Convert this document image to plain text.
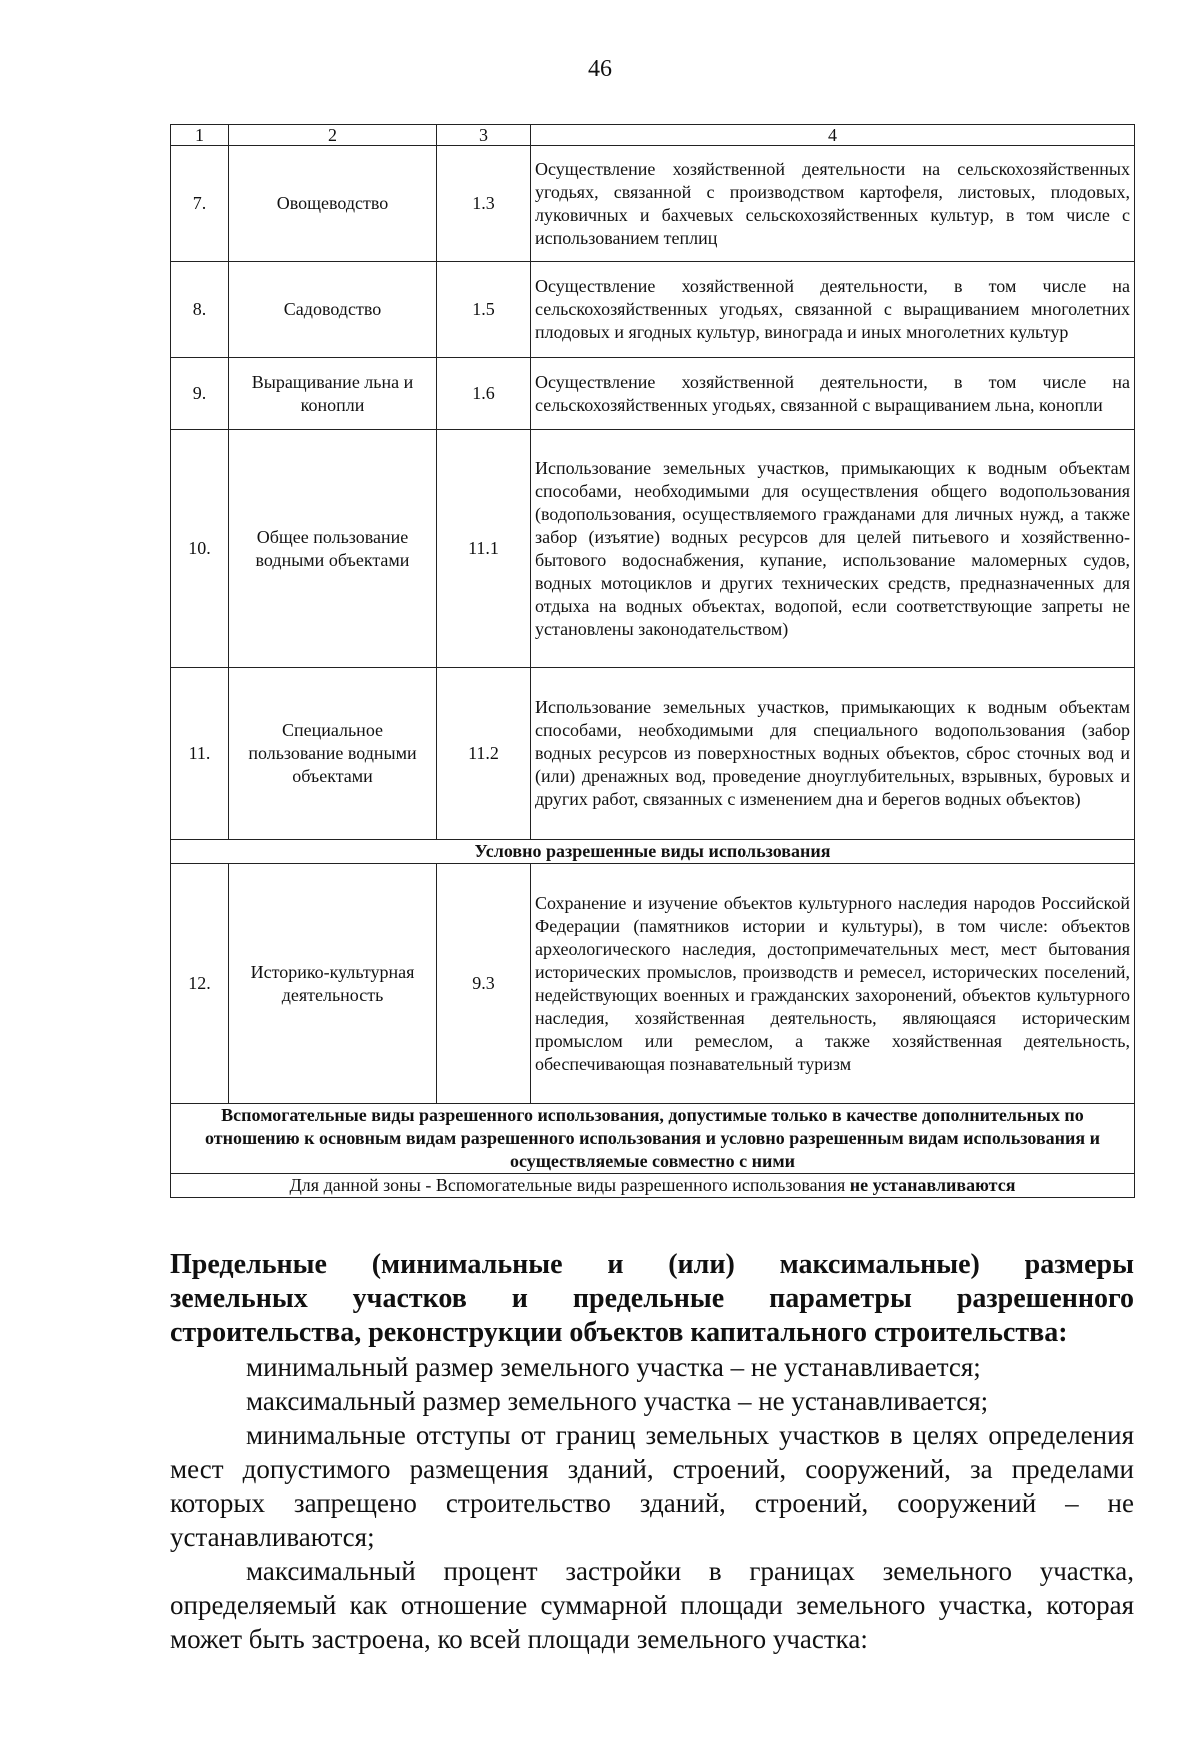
46
1	2	3	4
7.	Овощеводство	1.3	Осуществление хозяйственной деятельности на сельскохозяйственных угодьях, связанной с производством картофеля, листовых, плодовых, луковичных и бахчевых сельскохозяйственных культур, в том числе с использованием теплиц
8.	Садоводство	1.5	Осуществление хозяйственной деятельности, в том числе на сельскохозяйственных угодьях, связанной с выращиванием многолетних плодовых и ягодных культур, винограда и иных многолетних культур
9.	Выращивание льна и конопли	1.6	Осуществление хозяйственной деятельности, в том числе на сельскохозяйственных угодьях, связанной с выращиванием льна, конопли
10.	Общее пользование водными объектами	11.1	Использование земельных участков, примыкающих к водным объектам способами, необходимыми для осуществления общего водопользования (водопользования, осуществляемого гражданами для личных нужд, а также забор (изъятие) водных ресурсов для целей питьевого и хозяйственно-бытового водоснабжения, купание, использование маломерных судов, водных мотоциклов и других технических средств, предназначенных для отдыха на водных объектах, водопой, если соответствующие запреты не установлены законодательством)
11.	Специальное пользование водными объектами	11.2	Использование земельных участков, примыкающих к водным объектам способами, необходимыми для специального водопользования (забор водных ресурсов из поверхностных водных объектов, сброс сточных вод и (или) дренажных вод, проведение дноуглубительных, взрывных, буровых и других работ, связанных с изменением дна и берегов водных объектов)
Условно разрешенные виды использования			
12.	Историко-культурная деятельность	9.3	Сохранение и изучение объектов культурного наследия народов Российской Федерации (памятников истории и культуры), в том числе: объектов археологического наследия, достопримечательных мест, мест бытования исторических промыслов, производств и ремесел, исторических поселений, недействующих военных и гражданских захоронений, объектов культурного наследия, хозяйственная деятельность, являющаяся историческим промыслом или ремеслом, а также хозяйственная деятельность, обеспечивающая познавательный туризм
Вспомогательные виды разрешенного использования, допустимые только в качестве дополнительных по отношению к основным видам разрешенного использования и условно разрешенным видам использования и осуществляемые совместно с ними			
Для данной зоны - Вспомогательные виды разрешенного использования не устанавливаются			

Предельные (минимальные и (или) максимальные) размеры

земельных участков и предельные параметры разрешенного

строительства, реконструкции объектов капитального строительства:

минимальный размер земельного участка – не устанавливается;

максимальный размер земельного участка – не устанавливается;

минимальные отступы от границ земельных участков в целях определения мест допустимого размещения зданий, строений, сооружений, за пределами которых запрещено строительство зданий, строений, сооружений – не устанавливаются;

максимальный процент застройки в границах земельного участка, определяемый как отношение суммарной площади земельного участка, которая может быть застроена, ко всей площади земельного участка:
